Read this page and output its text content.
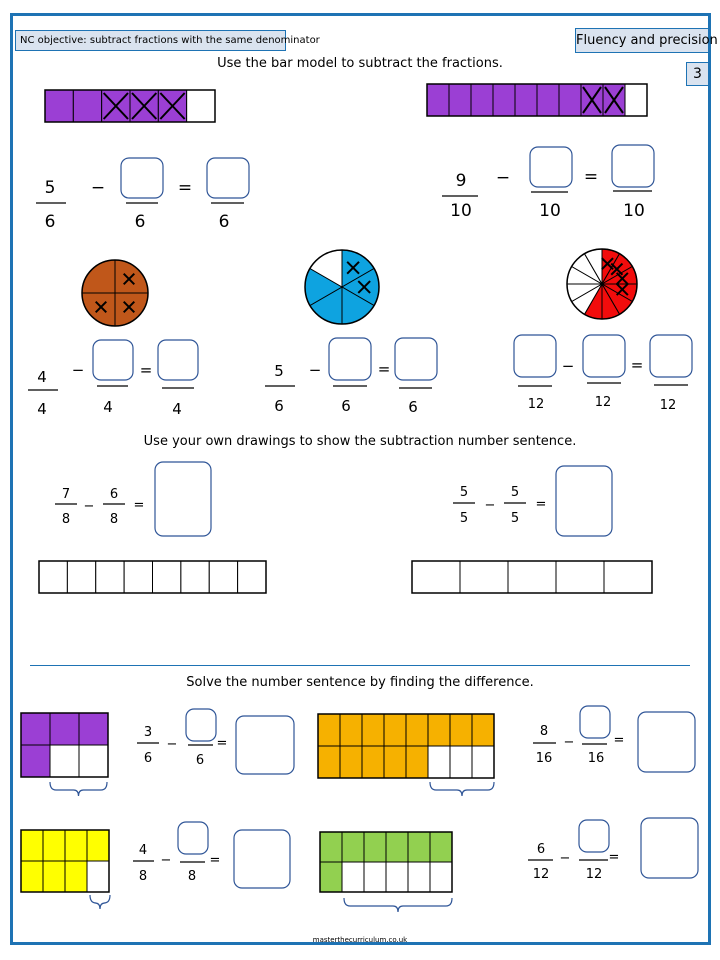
NC objective: subtract fractions with the same denominator	Fluency and precision
3
Use the bar model to subtract the fractions.
Use your own drawings to show the subtraction number sentence.
Solve the number sentence by finding the difference.
masterthecurriculum.co.uk
5
6
−
6
=
6
9
10
−
10
=
10
4
4
−
4
=
4
5
6
−
6
=
6	12
−
12
=
12
7
8
−
6
8
=
5
5
−
5
5
=
3
6
−
6
=
8
16
−
16
=
4
8
−
8
=
6
12
−
12
=
